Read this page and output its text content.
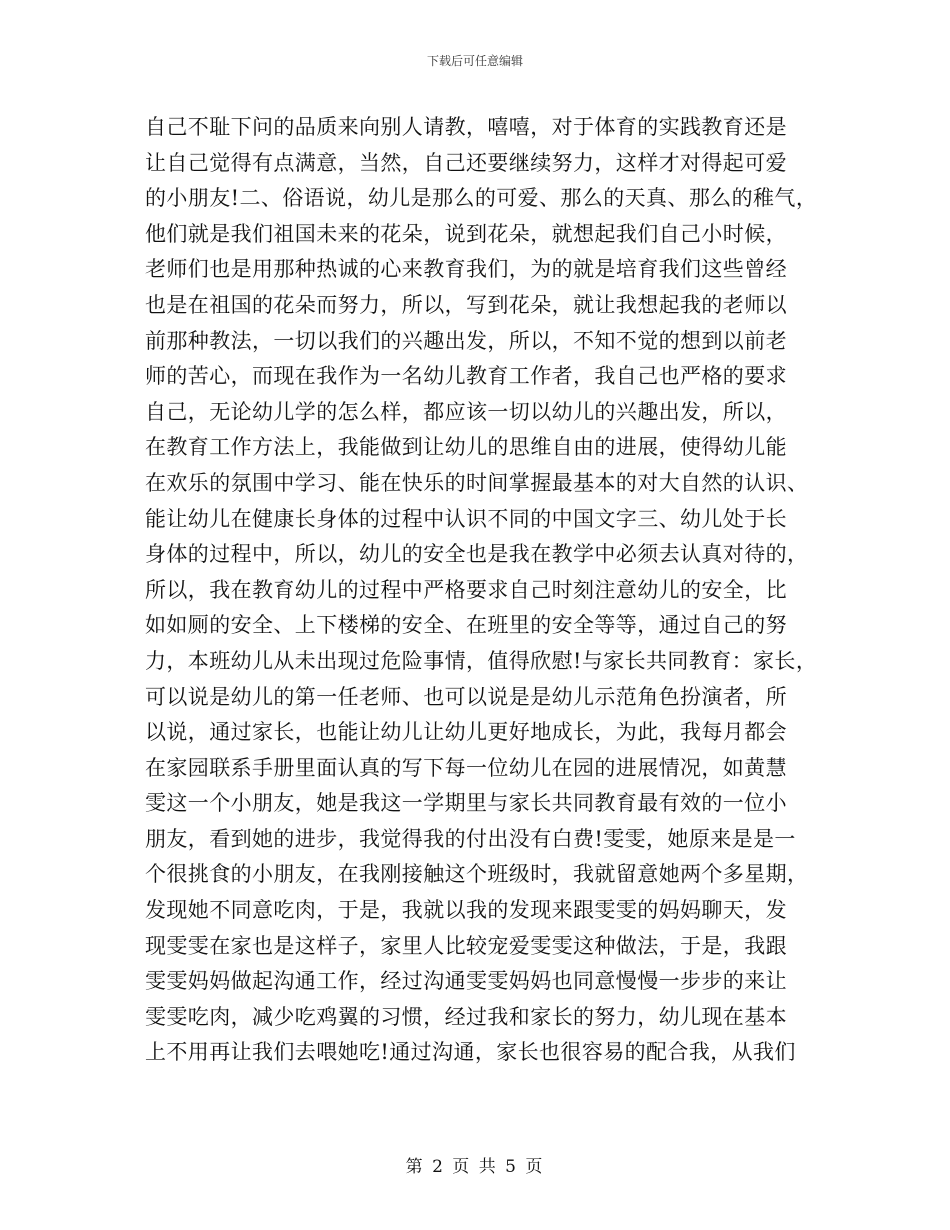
下载后可任意编辑
自己不耻下问的品质来向别人请教，嘻嘻，对于体育的实践教育还是
让自己觉得有点满意，当然，自己还要继续努力，这样才对得起可爱
的小朋友!二、俗语说，幼儿是那么的可爱、那么的天真、那么的稚气，
他们就是我们祖国未来的花朵，说到花朵，就想起我们自己小时候，
老师们也是用那种热诚的心来教育我们，为的就是培育我们这些曾经
也是在祖国的花朵而努力，所以，写到花朵，就让我想起我的老师以
前那种教法，一切以我们的兴趣出发，所以，不知不觉的想到以前老
师的苦心，而现在我作为一名幼儿教育工作者，我自己也严格的要求
自己，无论幼儿学的怎么样，都应该一切以幼儿的兴趣出发，所以，
在教育工作方法上，我能做到让幼儿的思维自由的进展，使得幼儿能
在欢乐的氛围中学习、能在快乐的时间掌握最基本的对大自然的认识、
能让幼儿在健康长身体的过程中认识不同的中国文字三、幼儿处于长
身体的过程中，所以，幼儿的安全也是我在教学中必须去认真对待的，
所以，我在教育幼儿的过程中严格要求自己时刻注意幼儿的安全，比
如如厕的安全、上下楼梯的安全、在班里的安全等等，通过自己的努
力，本班幼儿从未出现过危险事情，值得欣慰!与家长共同教育：家长，
可以说是幼儿的第一任老师、也可以说是是幼儿示范角色扮演者，所
以说，通过家长，也能让幼儿让幼儿更好地成长，为此，我每月都会
在家园联系手册里面认真的写下每一位幼儿在园的进展情况，如黄慧
雯这一个小朋友，她是我这一学期里与家长共同教育最有效的一位小
朋友，看到她的进步，我觉得我的付出没有白费!雯雯，她原来是是一
个很挑食的小朋友，在我刚接触这个班级时，我就留意她两个多星期，
发现她不同意吃肉，于是，我就以我的发现来跟雯雯的妈妈聊天，发
现雯雯在家也是这样子，家里人比较宠爱雯雯这种做法，于是，我跟
雯雯妈妈做起沟通工作，经过沟通雯雯妈妈也同意慢慢一步步的来让
雯雯吃肉，减少吃鸡翼的习惯，经过我和家长的努力，幼儿现在基本
上不用再让我们去喂她吃!通过沟通，家长也很容易的配合我，从我们
第 2 页 共 5 页
